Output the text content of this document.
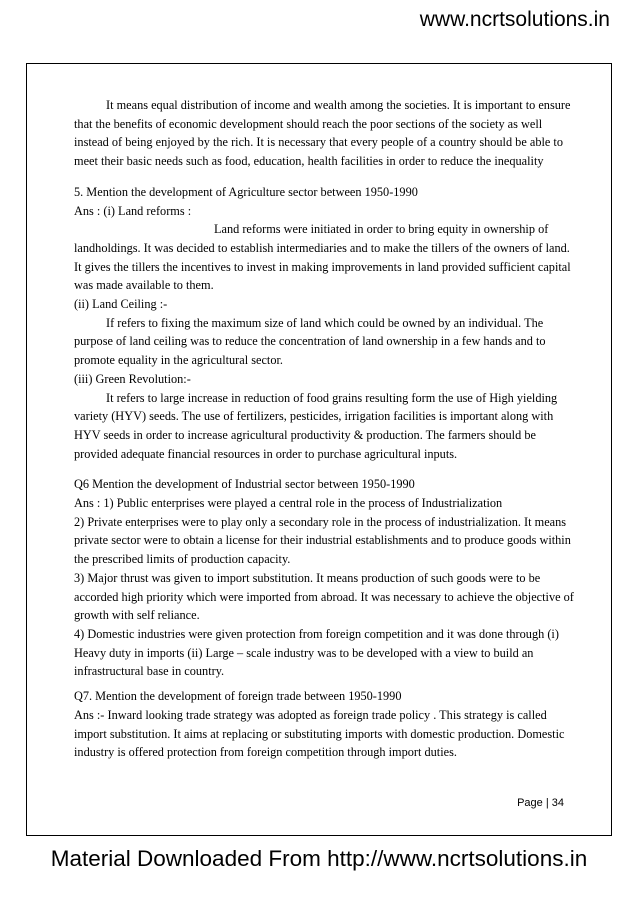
www.ncrtsolutions.in

It means equal distribution of income and wealth among the societies. It is important to ensure that the benefits of economic development should reach the poor sections of the society as well instead of being enjoyed by the rich. It is necessary that every people of a country should be able to meet their basic needs such as food, education, health facilities in order to reduce the inequality

5. Mention the development of Agriculture sector between 1950-1990

Ans : (i) Land reforms :

Land reforms were initiated in order to bring equity in ownership of landholdings. It was decided to establish intermediaries and to make the tillers of the owners of land. It gives the tillers the incentives to invest in making improvements in land provided sufficient capital was made available to them.

(ii) Land Ceiling :-

If refers to fixing the maximum size of land which could be owned by an individual. The purpose of land ceiling was to reduce the concentration of land ownership in a few hands and to promote equality in the agricultural sector.

(iii) Green Revolution:-

It refers to large increase in reduction of food grains resulting form the use of High yielding variety (HYV) seeds. The use of fertilizers, pesticides, irrigation facilities is important along with HYV seeds in order to increase agricultural productivity & production. The farmers should be provided adequate financial resources in order to purchase agricultural inputs.

Q6 Mention the development of Industrial sector between 1950-1990

Ans : 1) Public enterprises were played a central role in the process of Industrialization

2) Private enterprises were to play only a secondary role in the process of industrialization. It means private sector were to obtain a license for their industrial establishments and to produce goods within the prescribed limits of production capacity.

3) Major thrust was given to import substitution. It means production of such goods were to be accorded high priority which were imported from abroad. It was necessary to achieve the objective of growth with self reliance.

4) Domestic industries were given protection from foreign competition and it was done through (i) Heavy duty in imports (ii) Large – scale industry was to be developed with a view to build an infrastructural base in country.

Q7. Mention the development of foreign trade between 1950-1990

Ans :- Inward looking trade strategy was adopted as foreign trade policy . This strategy is called import substitution. It aims at replacing or substituting imports with domestic production. Domestic industry is offered protection from foreign competition through import duties.

Page | 34
Material Downloaded From http://www.ncrtsolutions.in
